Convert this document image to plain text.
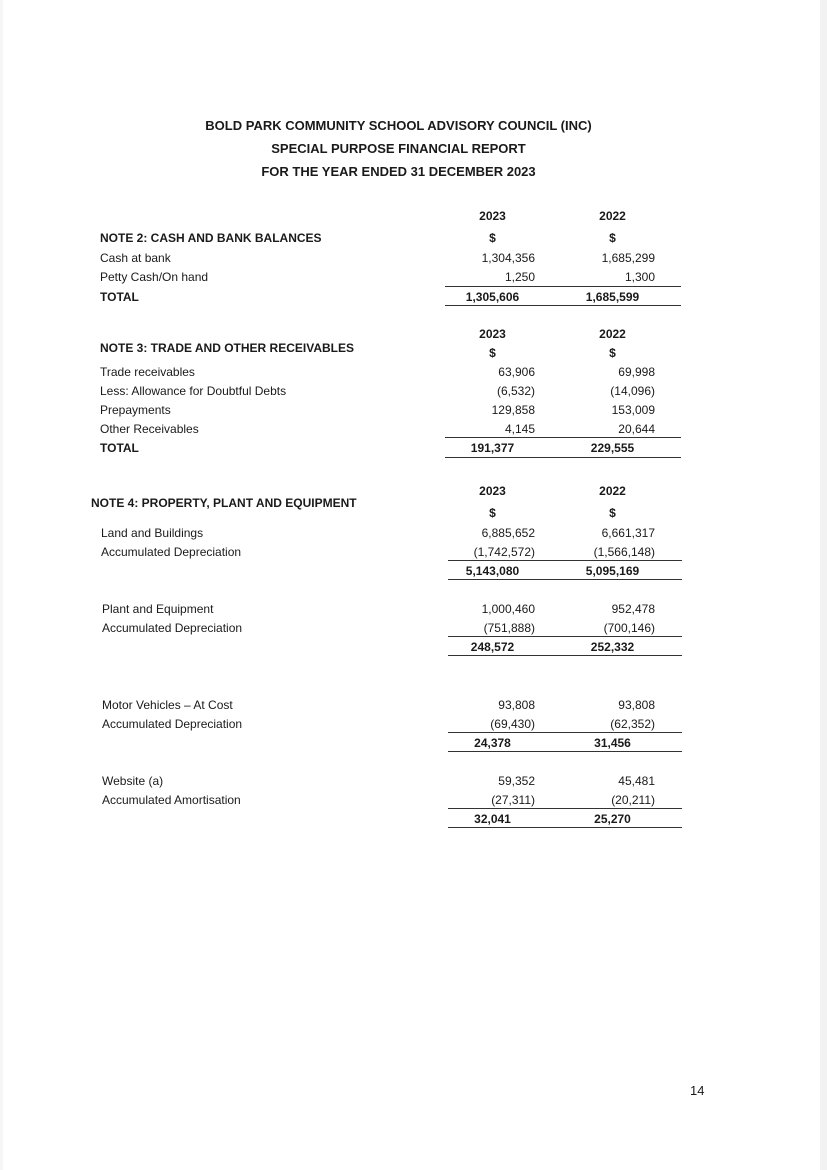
BOLD PARK COMMUNITY SCHOOL ADVISORY COUNCIL (INC)
SPECIAL PURPOSE FINANCIAL REPORT
FOR THE YEAR ENDED 31 DECEMBER 2023
2023	2022
NOTE 2: CASH AND BANK BALANCES	$	$
Cash at bank	1,304,356	1,685,299
Petty Cash/On hand	1,250	1,300
TOTAL	1,305,606	1,685,599
2023	2022
NOTE 3: TRADE AND OTHER RECEIVABLES	$	$
Trade receivables	63,906	69,998
Less: Allowance for Doubtful Debts	(6,532)	(14,096)
Prepayments	129,858	153,009
Other Receivables	4,145	20,644
TOTAL	191,377	229,555
2023	2022
NOTE 4: PROPERTY, PLANT AND EQUIPMENT
$	$
Land and Buildings	6,885,652	6,661,317
Accumulated Depreciation	(1,742,572)	(1,566,148)
5,143,080	5,095,169
Plant and Equipment	1,000,460	952,478
Accumulated Depreciation	(751,888)	(700,146)
248,572	252,332
Motor Vehicles – At Cost	93,808	93,808
Accumulated Depreciation	(69,430)	(62,352)
24,378	31,456
Website (a)	59,352	45,481
Accumulated Amortisation	(27,311)	(20,211)
32,041	25,270
14
